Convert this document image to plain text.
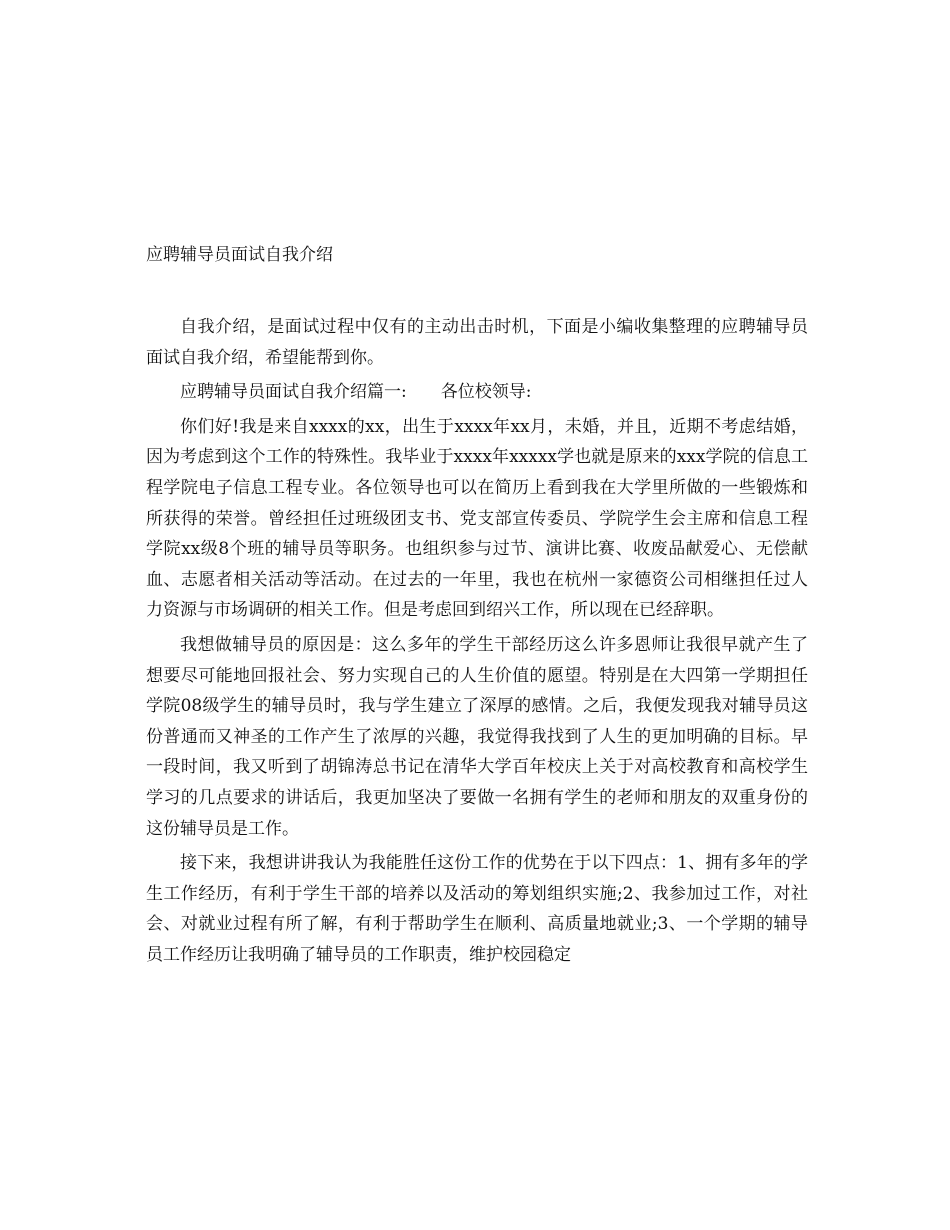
应聘辅导员面试自我介绍

自我介绍，是面试过程中仅有的主动出击时机，下面是小编收集整理的应聘辅导员面试自我介绍，希望能帮到你。

应聘辅导员面试自我介绍篇一: 各位校领导:

你们好!我是来自xxxx的xx，出生于xxxx年xx月，未婚，并且，近期不考虑结婚，因为考虑到这个工作的特殊性。我毕业于xxxx年xxxxx学也就是原来的xxx学院的信息工程学院电子信息工程专业。各位领导也可以在简历上看到我在大学里所做的一些锻炼和所获得的荣誉。曾经担任过班级团支书、党支部宣传委员、学院学生会主席和信息工程学院xx级8个班的辅导员等职务。也组织参与过节、演讲比赛、收废品献爱心、无偿献血、志愿者相关活动等活动。在过去的一年里，我也在杭州一家德资公司相继担任过人力资源与市场调研的相关工作。但是考虑回到绍兴工作，所以现在已经辞职。

我想做辅导员的原因是：这么多年的学生干部经历这么许多恩师让我很早就产生了想要尽可能地回报社会、努力实现自己的人生价值的愿望。特别是在大四第一学期担任学院08级学生的辅导员时，我与学生建立了深厚的感情。之后，我便发现我对辅导员这份普通而又神圣的工作产生了浓厚的兴趣，我觉得我找到了人生的更加明确的目标。早一段时间，我又听到了胡锦涛总书记在清华大学百年校庆上关于对高校教育和高校学生学习的几点要求的讲话后，我更加坚决了要做一名拥有学生的老师和朋友的双重身份的这份辅导员是工作。

接下来，我想讲讲我认为我能胜任这份工作的优势在于以下四点：1、拥有多年的学生工作经历，有利于学生干部的培养以及活动的筹划组织实施;2、我参加过工作，对社会、对就业过程有所了解，有利于帮助学生在顺利、高质量地就业;3、一个学期的辅导员工作经历让我明确了辅导员的工作职责，维护校园稳定
